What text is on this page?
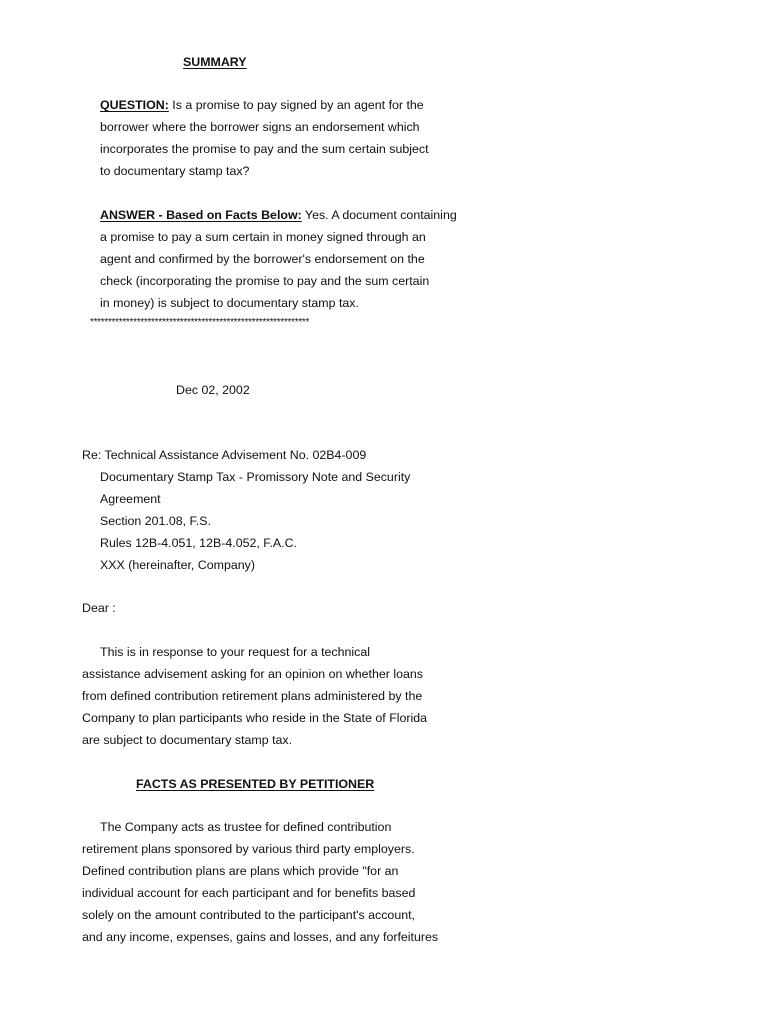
SUMMARY
QUESTION: Is a promise to pay signed by an agent for the
borrower where the borrower signs an endorsement which
incorporates the promise to pay and the sum certain subject
to documentary stamp tax?
ANSWER - Based on Facts Below: Yes. A document containing
a promise to pay a sum certain in money signed through an
agent and confirmed by the borrower's endorsement on the
check (incorporating the promise to pay and the sum certain
in money) is subject to documentary stamp tax.
*************************************************************
Dec 02, 2002
Re: Technical Assistance Advisement No. 02B4-009
Documentary Stamp Tax - Promissory Note and Security
Agreement
Section 201.08, F.S.
Rules 12B-4.051, 12B-4.052, F.A.C.
XXX (hereinafter, Company)
Dear :
This is in response to your request for a technical
assistance advisement asking for an opinion on whether loans
from defined contribution retirement plans administered by the
Company to plan participants who reside in the State of Florida
are subject to documentary stamp tax.
FACTS AS PRESENTED BY PETITIONER
The Company acts as trustee for defined contribution
retirement plans sponsored by various third party employers.
Defined contribution plans are plans which provide "for an
individual account for each participant and for benefits based
solely on the amount contributed to the participant's account,
and any income, expenses, gains and losses, and any forfeitures
